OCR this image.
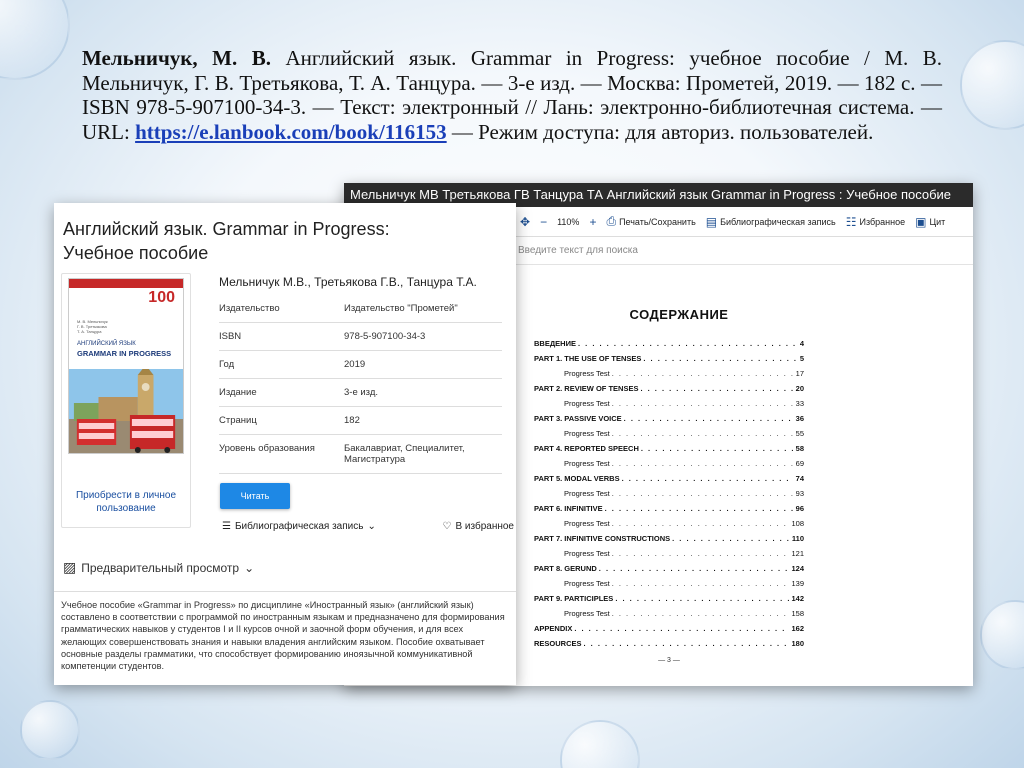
Мельничук, М. В. Английский язык. Grammar in Progress: учебное пособие / М. В. Мельничук, Г. В. Третьякова, Т. А. Танцура. — 3-е изд. — Москва: Прометей, 2019. — 182 с. — ISBN 978-5-907100-34-3. — Текст: электронный // Лань: электронно-библиотечная система. — URL: https://e.lanbook.com/book/116153 — Режим доступа: для авториз. пользователей.
Мельничук МВ Третьякова ГВ Танцура ТА Английский язык Grammar in Progress : Учебное пособие
✥ − 110% + ⎙ Печать/Сохранить ▤ Библиографическая запись ☷ Избранное ▣ Цит
Введите текст для поиска
СОДЕРЖАНИЕ
ВВЕДЕНИЕ . . .	4
PART 1. THE USE OF TENSES . . .	5
Progress Test . . .	17
PART 2. REVIEW OF TENSES . . .	20
Progress Test . . .	33
PART 3. PASSIVE VOICE . . .	36
Progress Test . . .	55
PART 4. REPORTED SPEECH . . .	58
Progress Test . . .	69
PART 5. MODAL VERBS . . .	74
Progress Test . . .	93
PART 6. INFINITIVE . . .	96
Progress Test . . .	108
PART 7. INFINITIVE CONSTRUCTIONS . . .	110
Progress Test . . .	121
PART 8. GERUND . . .	124
Progress Test . . .	139
PART 9. PARTICIPLES . . .	142
Progress Test . . .	158
APPENDIX . . .	162
RESOURCES . . .	180
— 3 —
Английский язык. Grammar in Progress:
Учебное пособие
УЧЕБНОЕ ПОСОБИЕ	100
М. В. Мельничук
Г. В. Третьякова
Т. А. Танцура
АНГЛИЙСКИЙ ЯЗЫК
GRAMMAR IN PROGRESS
Приобрести в личное пользование
Мельничук М.В., Третьякова Г.В., Танцура Т.А.
Издательство	Издательство "Прометей"
ISBN	978-5-907100-34-3
Год	2019
Издание	3-е изд.
Страниц	182
Уровень образования	Бакалавриат, Специалитет, Магистратура
Читать
☰ Библиографическая запись ⌄	♡ В избранное
▨ Предварительный просмотр ⌄
Учебное пособие «Grammar in Progress» по дисциплине «Иностранный язык» (английский язык) составлено в соответствии с программой по иностранным языкам и предназначено для формирования грамматических навыков у студентов I и II курсов очной и заочной форм обучения, и для всех желающих совершенствовать знания и навыки владения английским языком. Пособие охватывает основные разделы грамматики, что способствует формированию иноязычной коммуникативной компетенции студентов.
